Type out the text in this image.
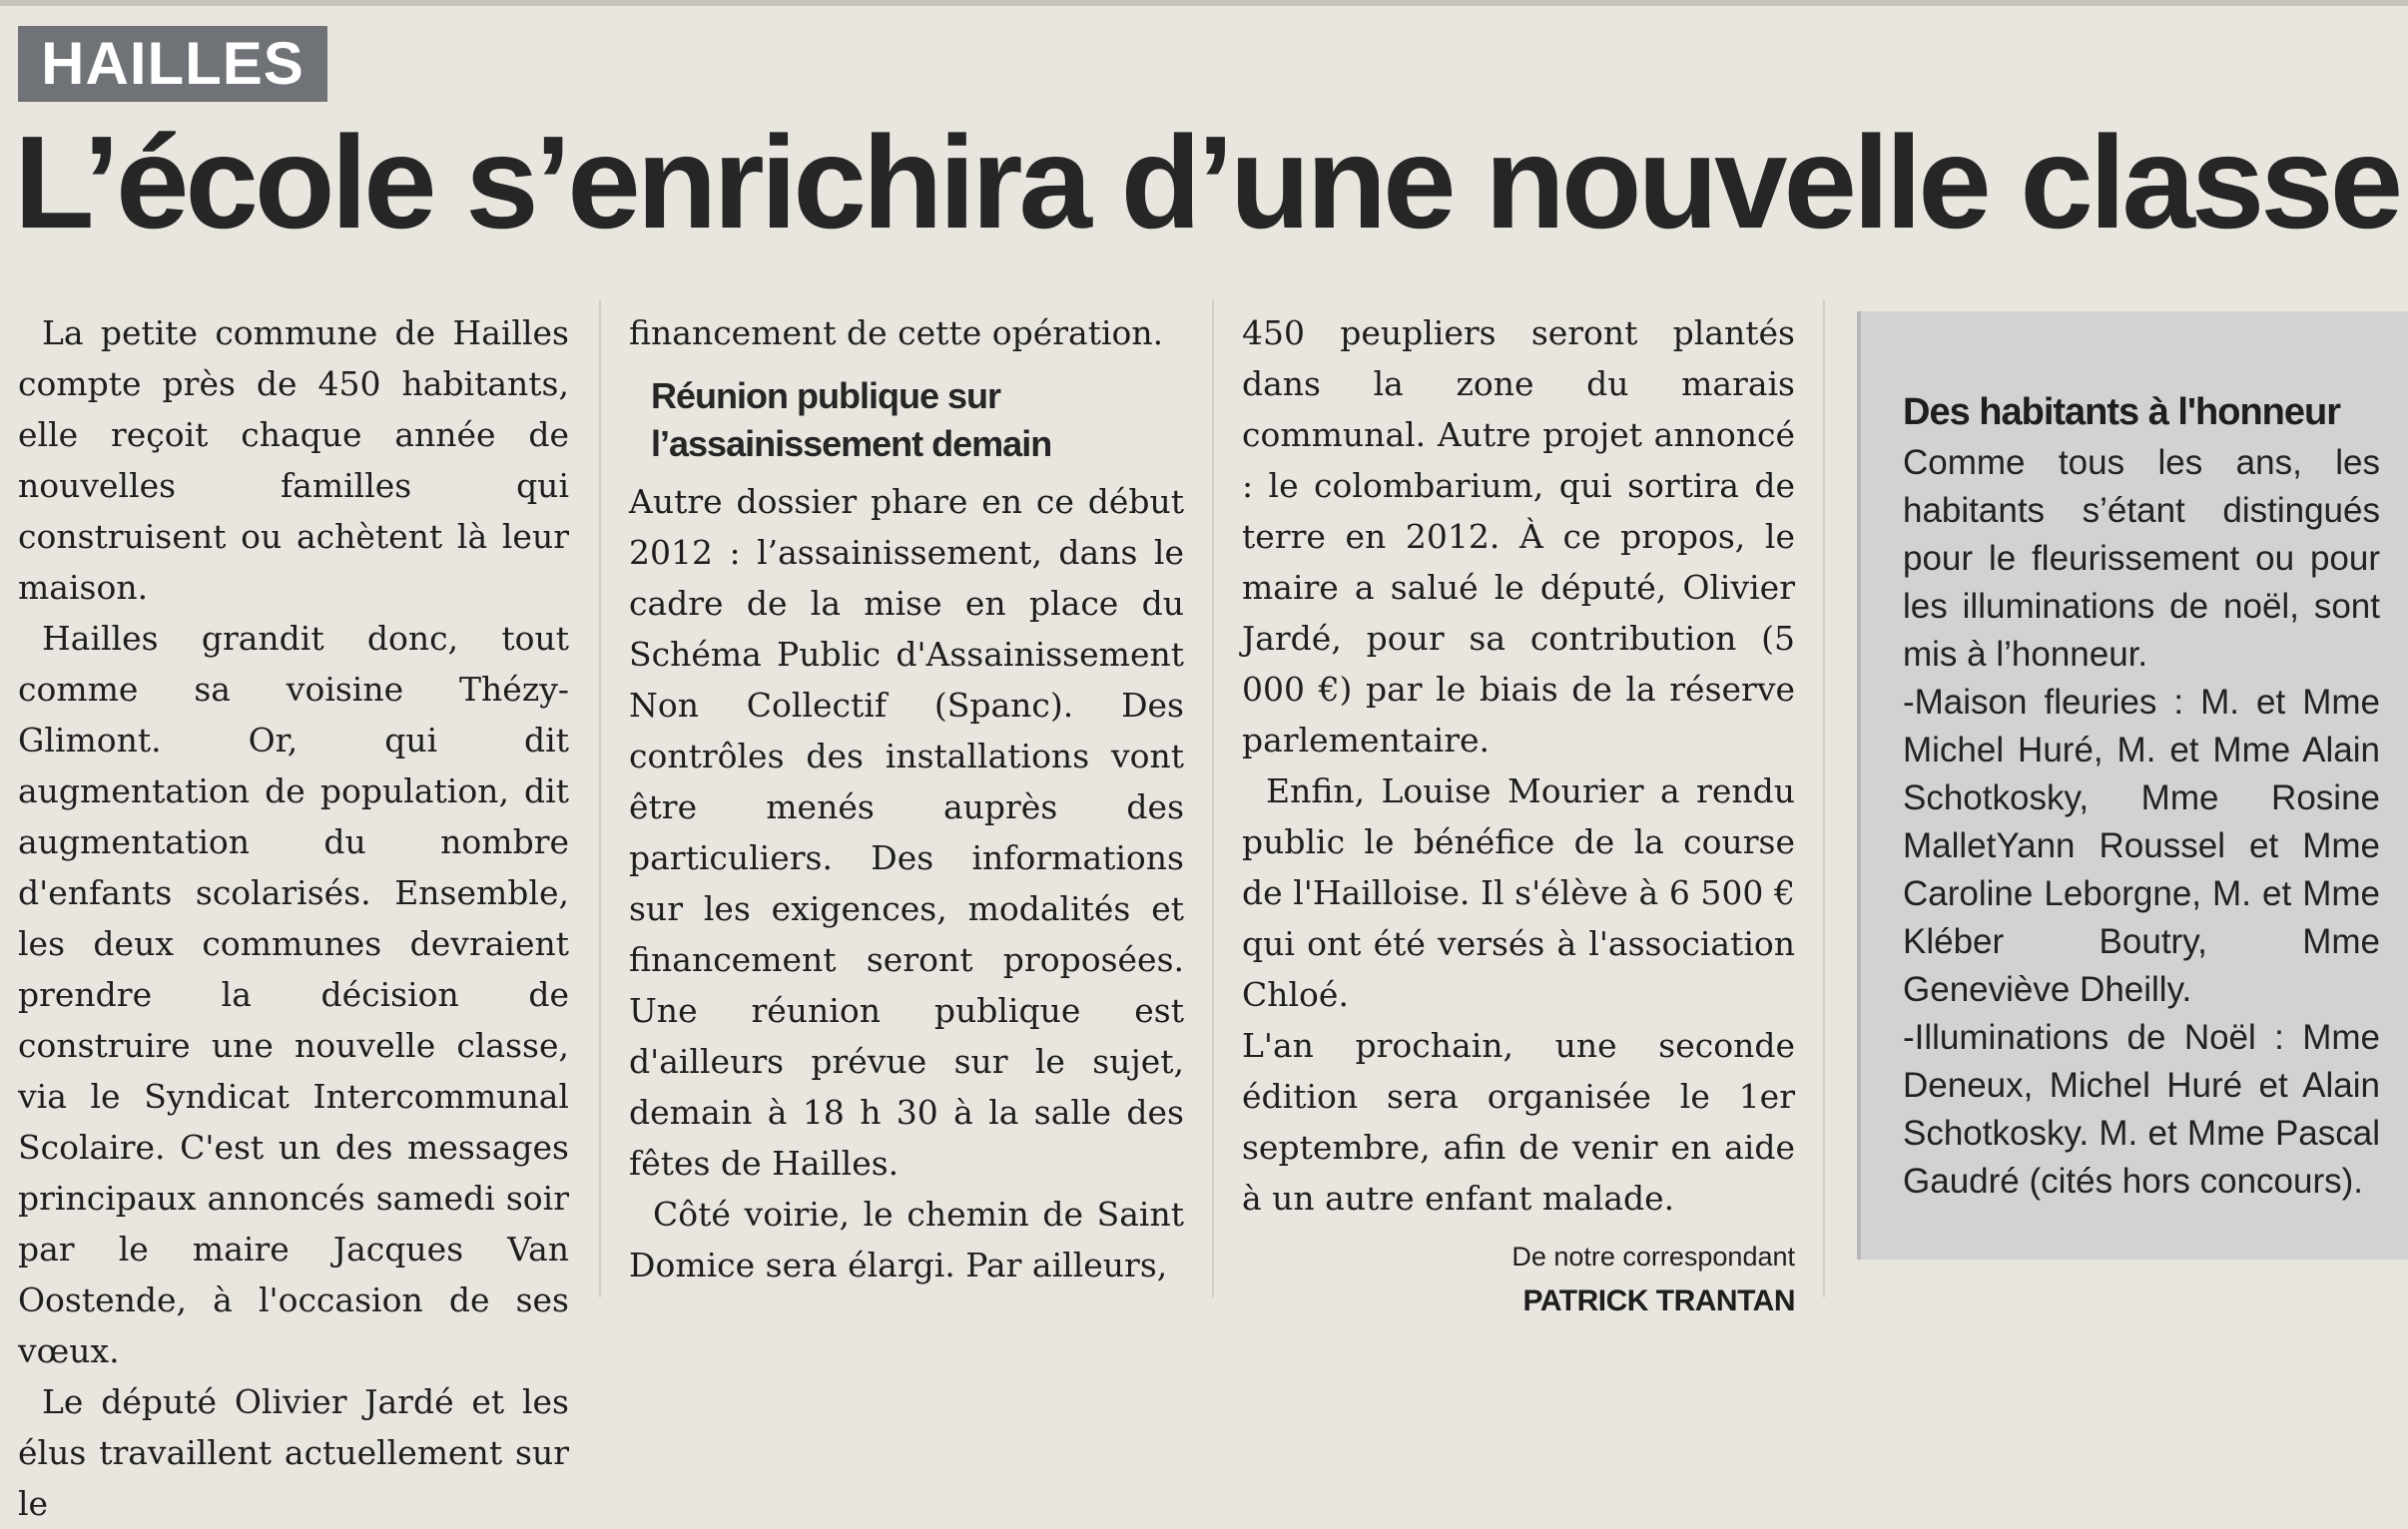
HAILLES
L’école s’enrichira d’une nouvelle classe

La petite commune de Hailles compte près de 450 habitants, elle reçoit chaque année de nouvelles familles qui construisent ou achètent là leur maison.

Hailles grandit donc, tout comme sa voisine Thézy-Glimont. Or, qui dit augmentation de population, dit augmentation du nombre d'enfants scolarisés. Ensemble, les deux communes devraient prendre la décision de construire une nouvelle classe, via le Syndicat Intercommunal Scolaire. C'est un des messages principaux annoncés samedi soir par le maire Jacques Van Oostende, à l'occasion de ses vœux.

Le député Olivier Jardé et les élus travaillent actuellement sur le

financement de cette opération.

Réunion publique sur l’assainissement demain

Autre dossier phare en ce début 2012 : l’assainissement, dans le cadre de la mise en place du Schéma Public d'Assainissement Non Collectif (Spanc). Des contrôles des installations vont être menés auprès des particuliers. Des informations sur les exigences, modalités et financement seront proposées. Une réunion publique est d'ailleurs prévue sur le sujet, demain à 18 h 30 à la salle des fêtes de Hailles.

Côté voirie, le chemin de Saint Domice sera élargi. Par ailleurs,

450 peupliers seront plantés dans la zone du marais communal. Autre projet annoncé : le colombarium, qui sortira de terre en 2012. À ce propos, le maire a salué le député, Olivier Jardé, pour sa contribution (5 000 €) par le biais de la réserve parlementaire.

Enfin, Louise Mourier a rendu public le bénéfice de la course de l'Hailloise. Il s'élève à 6 500 € qui ont été versés à l'association Chloé.

L'an prochain, une seconde édition sera organisée le 1er septembre, afin de venir en aide à un autre enfant malade.

De notre correspondant
PATRICK TRANTAN
Des habitants à l'honneur

Comme tous les ans, les habitants s’étant distingués pour le fleurissement ou pour les illuminations de noël, sont mis à l’honneur.

-Maison fleuries : M. et Mme Michel Huré, M. et Mme Alain Schotkosky, Mme Rosine MalletYann Roussel et Mme Caroline Leborgne, M. et Mme Kléber Boutry, Mme Geneviève Dheilly.

-Illuminations de Noël : Mme Deneux, Michel Huré et Alain Schotkosky. M. et Mme Pascal Gaudré (cités hors concours).
